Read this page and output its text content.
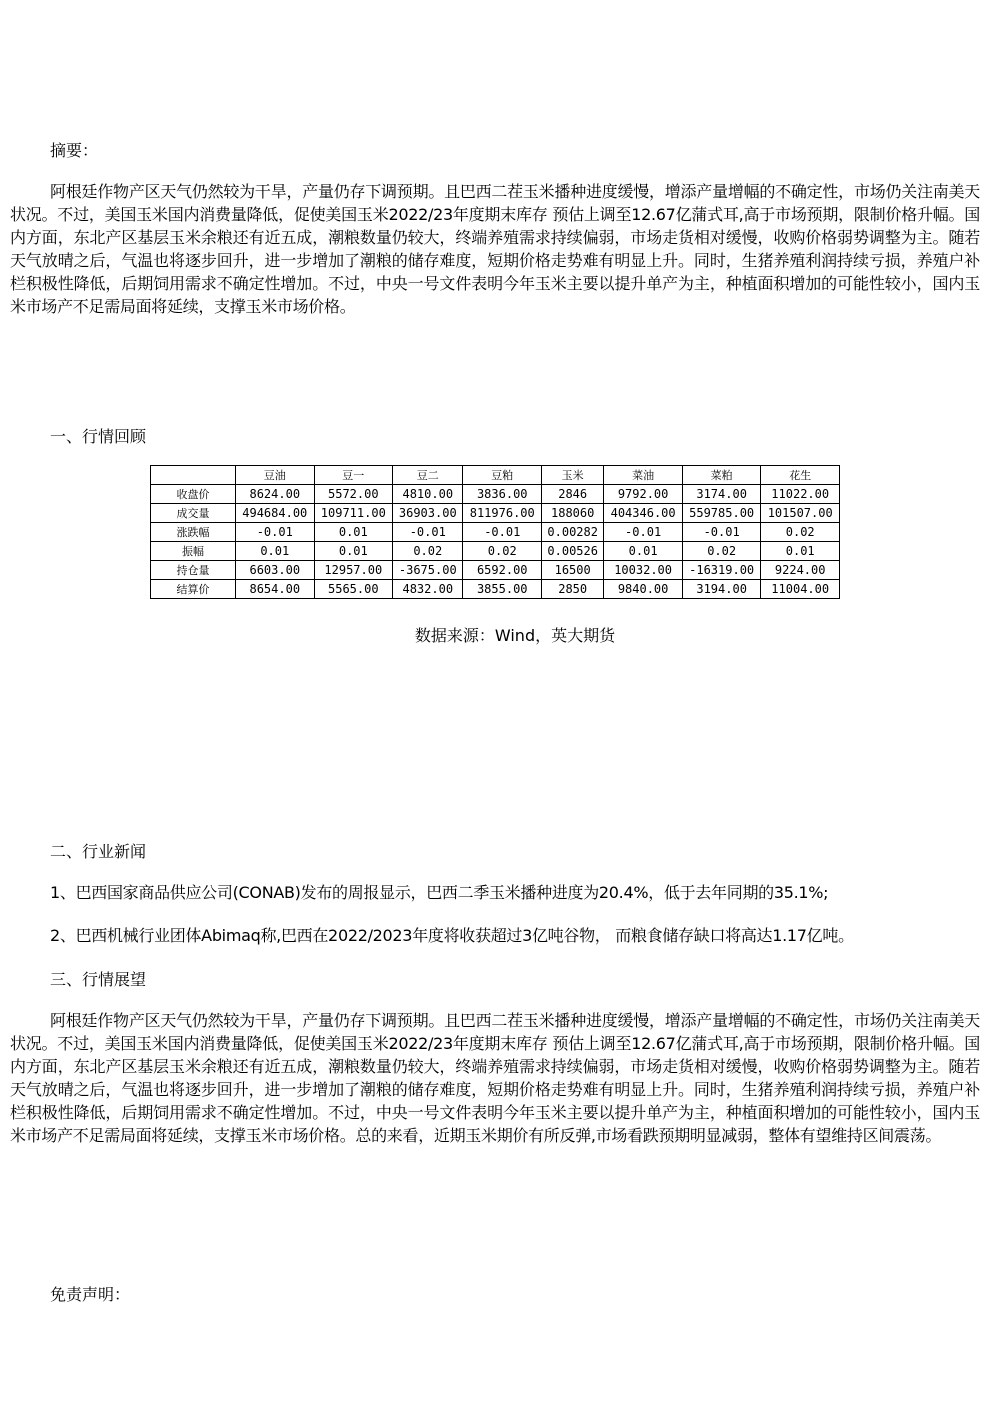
摘要：

阿根廷作物产区天气仍然较为干旱，产量仍存下调预期。且巴西二茬玉米播种进度缓慢，增添产量增幅的不确定性，市场仍关注南美天状况。不过，美国玉米国内消费量降低，促使美国玉米2022/23年度期末库存 预估上调至12.67亿蒲式耳,高于市场预期，限制价格升幅。国内方面，东北产区基层玉米余粮还有近五成，潮粮数量仍较大，终端养殖需求持续偏弱，市场走货相对缓慢，收购价格弱势调整为主。随若天气放晴之后，气温也将逐步回升，进一步增加了潮粮的储存难度，短期价格走势难有明显上升。同时，生猪养殖利润持续亏损，养殖户补栏积极性降低，后期饲用需求不确定性增加。不过，中央一号文件表明今年玉米主要以提升单产为主，种植面积增加的可能性较小，国内玉米市场产不足需局面将延续，支撑玉米市场价格。

一、行情回顾

	豆油	豆一	豆二	豆粕	玉米	菜油	菜粕	花生
收盘价	8624.00	5572.00	4810.00	3836.00	2846	9792.00	3174.00	11022.00
成交量	494684.00	109711.00	36903.00	811976.00	188060	404346.00	559785.00	101507.00
涨跌幅	-0.01	0.01	-0.01	-0.01	0.00282	-0.01	-0.01	0.02
振幅	0.01	0.01	0.02	0.02	0.00526	0.01	0.02	0.01
持仓量	6603.00	12957.00	-3675.00	6592.00	16500	10032.00	-16319.00	9224.00
结算价	8654.00	5565.00	4832.00	3855.00	2850	9840.00	3194.00	11004.00
数据来源：Wind，英大期货

二、行业新闻

1、巴西国家商品供应公司(CONAB)发布的周报显示，巴西二季玉米播种进度为20.4%，低于去年同期的35.1%;

2、巴西机械行业团体Abimaq称,巴西在2022/2023年度将收获超过3亿吨谷物， 而粮食储存缺口将高达1.17亿吨。

三、行情展望

阿根廷作物产区天气仍然较为干旱，产量仍存下调预期。且巴西二茬玉米播种进度缓慢，增添产量增幅的不确定性，市场仍关注南美天状况。不过，美国玉米国内消费量降低，促使美国玉米2022/23年度期末库存 预估上调至12.67亿蒲式耳,高于市场预期，限制价格升幅。国内方面，东北产区基层玉米余粮还有近五成，潮粮数量仍较大，终端养殖需求持续偏弱，市场走货相对缓慢，收购价格弱势调整为主。随若天气放晴之后，气温也将逐步回升，进一步增加了潮粮的储存难度，短期价格走势难有明显上升。同时，生猪养殖利润持续亏损，养殖户补栏积极性降低，后期饲用需求不确定性增加。不过，中央一号文件表明今年玉米主要以提升单产为主，种植面积增加的可能性较小，国内玉米市场产不足需局面将延续，支撑玉米市场价格。总的来看，近期玉米期价有所反弹,市场看跌预期明显减弱，整体有望维持区间震荡。

免责声明：
